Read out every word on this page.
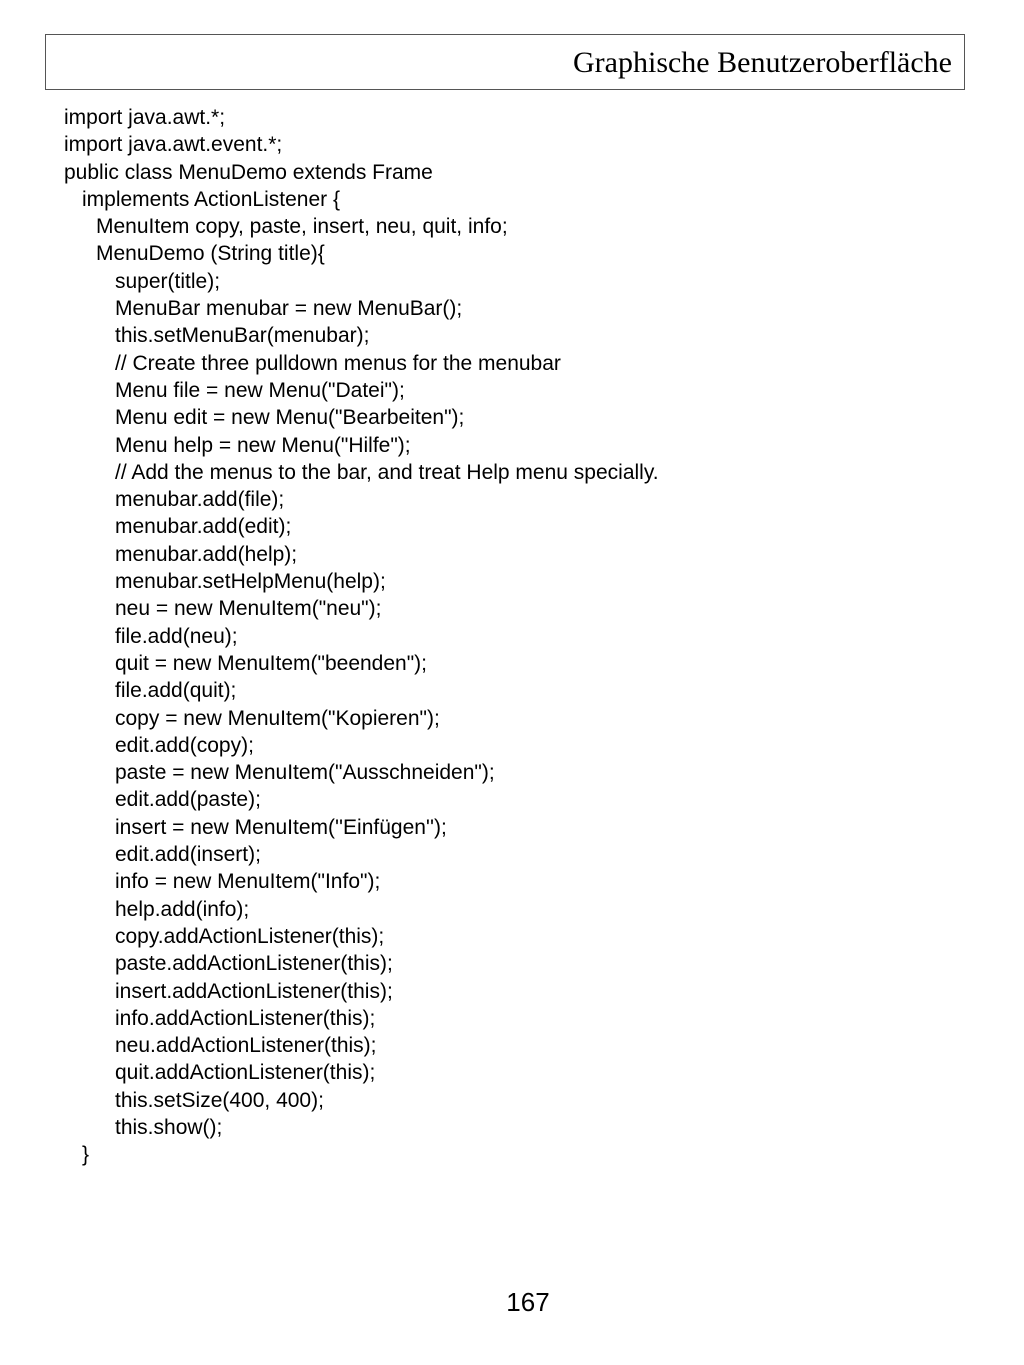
Graphische Benutzeroberfläche
import java.awt.*;
import java.awt.event.*;
public class MenuDemo extends Frame
implements ActionListener {
MenuItem copy, paste, insert, neu, quit, info;
MenuDemo (String title){
super(title);
MenuBar menubar = new MenuBar();
this.setMenuBar(menubar);
// Create three pulldown menus for the menubar
Menu file = new Menu("Datei");
Menu edit = new Menu("Bearbeiten");
Menu help = new Menu("Hilfe");
// Add the menus to the bar, and treat Help menu specially.
menubar.add(file);
menubar.add(edit);
menubar.add(help);
menubar.setHelpMenu(help);
neu = new MenuItem("neu");
file.add(neu);
quit = new MenuItem("beenden");
file.add(quit);
copy = new MenuItem("Kopieren");
edit.add(copy);
paste = new MenuItem("Ausschneiden");
edit.add(paste);
insert = new MenuItem(''Einfügen'');
edit.add(insert);
info = new MenuItem("Info");
help.add(info);
copy.addActionListener(this);
paste.addActionListener(this);
insert.addActionListener(this);
info.addActionListener(this);
neu.addActionListener(this);
quit.addActionListener(this);
this.setSize(400, 400);
this.show();
}
167
